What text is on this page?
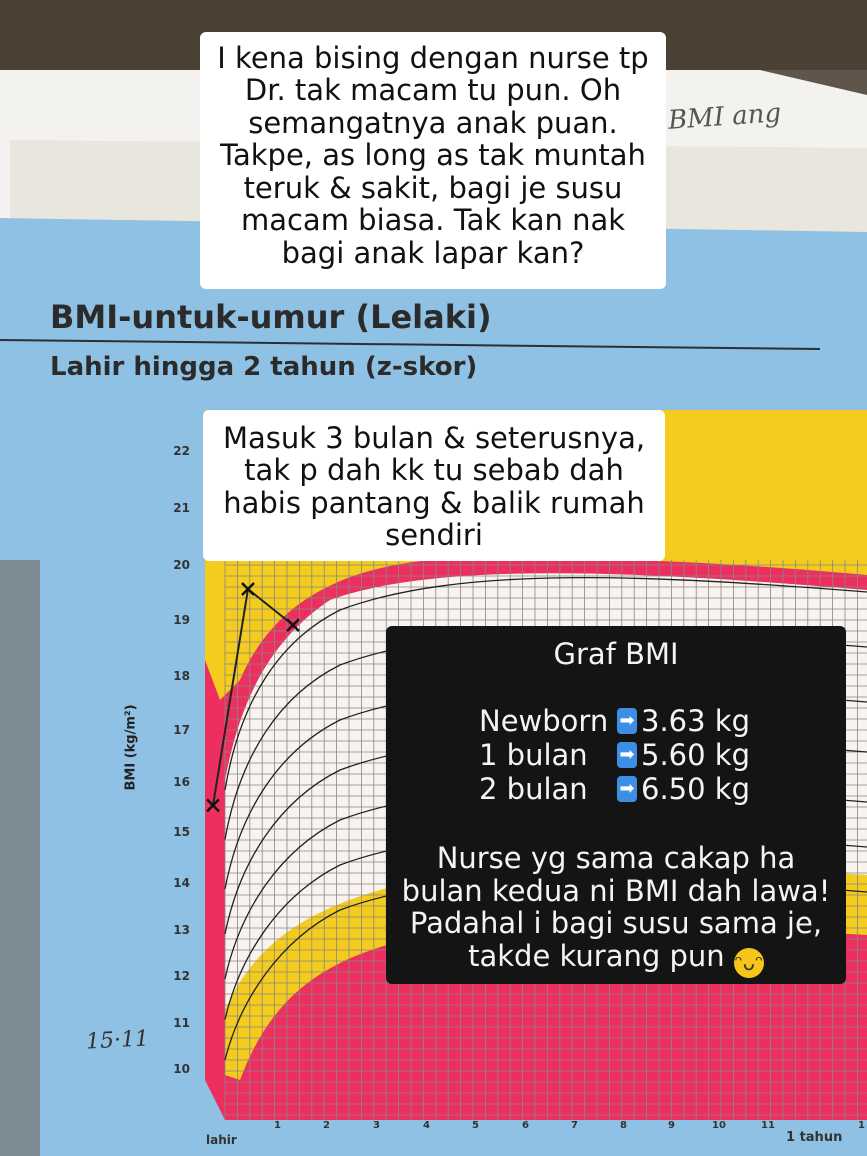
BMI ang
BMI-untuk-umur (Lelaki)
Lahir hingga 2 tahun (z-skor)
22
21
20
19
18
17
16
15
14
13
12
11
10
BMI (kg/m²)
1	2	3	4	5	6	7	8	9	10	11	1
lahir	1 tahun
15·11
I kena bising dengan nurse tp Dr. tak macam tu pun. Oh semangatnya anak puan. Takpe, as long as tak muntah teruk & sakit, bagi je susu macam biasa. Tak kan nak bagi anak lapar kan?
Masuk 3 bulan & seterusnya, tak p dah kk tu sebab dah habis pantang & balik rumah sendiri
Graf BMI
Newborn ➡ 3.63 kg
1 bulan	➡ 5.60 kg
2 bulan	➡ 6.50 kg
Nurse yg sama cakap ha bulan kedua ni BMI dah lawa! Padahal i bagi susu sama je, takde kurang pun ᵔᴗᵔ
